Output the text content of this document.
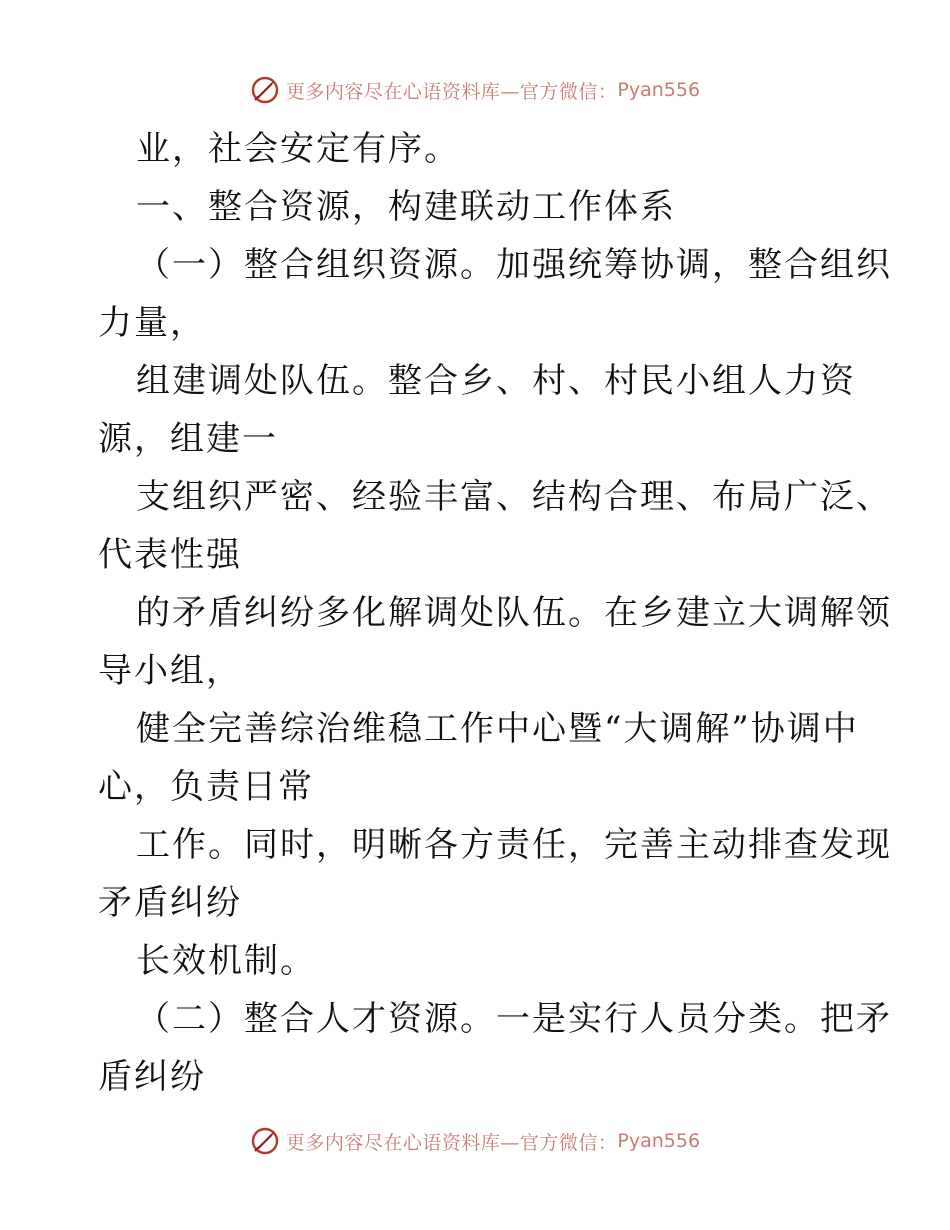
更多内容尽在心语资料库—官方微信： Pyan556
业，社会安定有序。
一、整合资源，构建联动工作体系
（一）整合组织资源。加强统筹协调，整合组织
力量，
组建调处队伍。整合乡、村、村民小组人力资
源，组建一
支组织严密、经验丰富、结构合理、布局广泛、
代表性强
的矛盾纠纷多化解调处队伍。在乡建立大调解领
导小组，
健全完善综治维稳工作中心暨“大调解”协调中
心，负责日常
工作。同时，明晰各方责任，完善主动排查发现
矛盾纠纷
长效机制。
（二）整合人才资源。一是实行人员分类。把矛
盾纠纷
更多内容尽在心语资料库—官方微信： Pyan556
